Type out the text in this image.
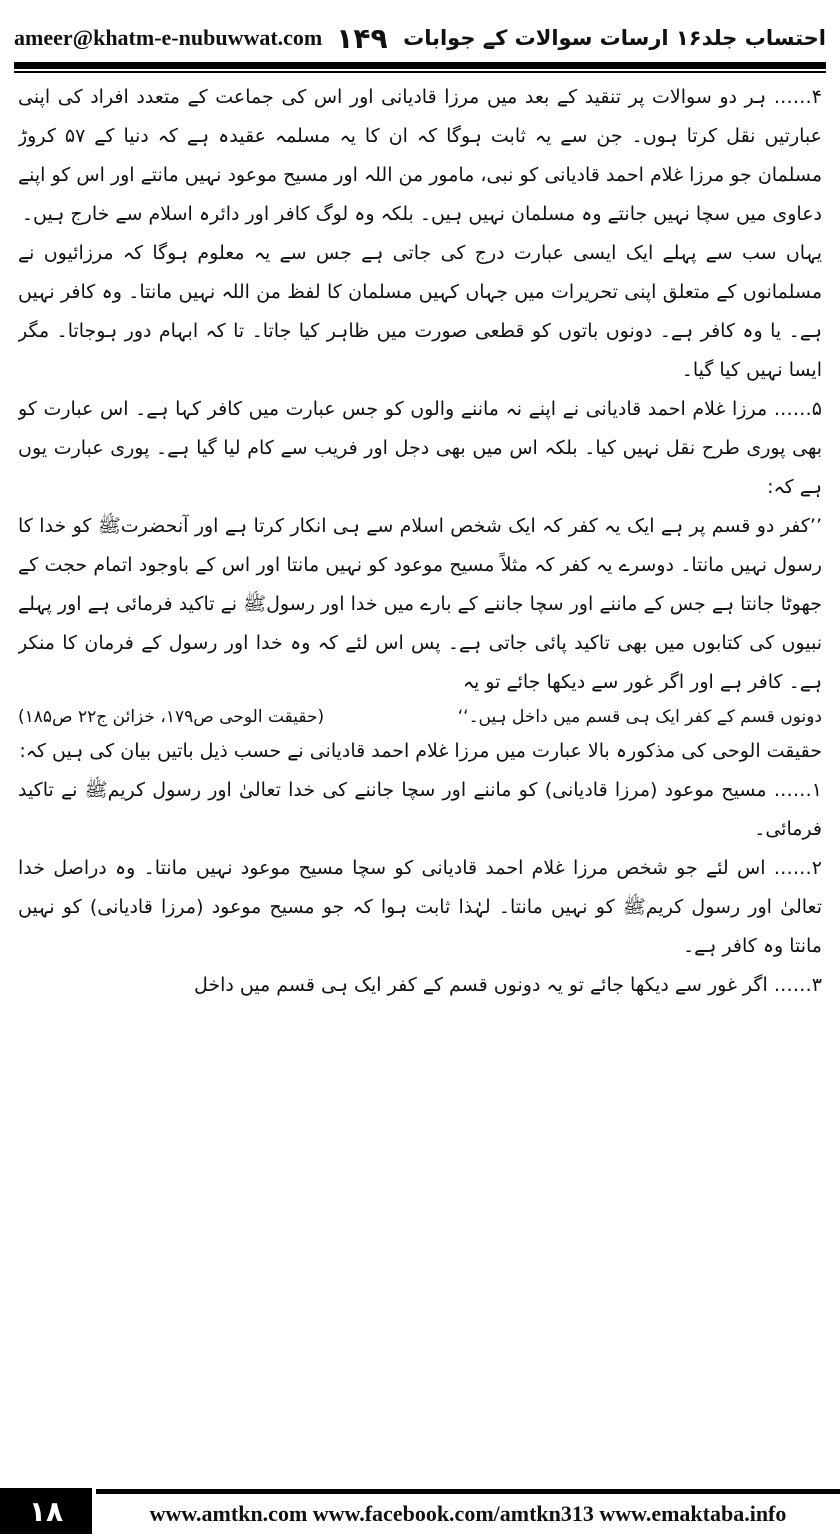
ameer@khatm-e-nubuwwat.com ۱۴۹ احتساب جلد۱۶ ارسات سوالات کے جوابات

۴…… ہر دو سوالات پر تنقید کے بعد میں مرزا قادیانی اور اس کی جماعت کے متعدد افراد کی اپنی عبارتیں نقل کرتا ہوں۔ جن سے یہ ثابت ہوگا کہ ان کا یہ مسلمہ عقیدہ ہے کہ دنیا کے ۵۷ کروڑ مسلمان جو مرزا غلام احمد قادیانی کو نبی، مامور من اللہ اور مسیح موعود نہیں مانتے اور اس کو اپنے دعاوی میں سچا نہیں جانتے وہ مسلمان نہیں ہیں۔ بلکہ وہ لوگ کافر اور دائرہ اسلام سے خارج ہیں۔

یہاں سب سے پہلے ایک ایسی عبارت درج کی جاتی ہے جس سے یہ معلوم ہوگا کہ مرزائیوں نے مسلمانوں کے متعلق اپنی تحریرات میں جہاں کہیں مسلمان کا لفظ من اللہ نہیں مانتا۔ وہ کافر نہیں ہے۔ یا وہ کافر ہے۔ دونوں باتوں کو قطعی صورت میں ظاہر کیا جاتا۔ تا کہ ابہام دور ہوجاتا۔ مگر ایسا نہیں کیا گیا۔

۵…… مرزا غلام احمد قادیانی نے اپنے نہ ماننے والوں کو جس عبارت میں کافر کہا ہے۔ اس عبارت کو بھی پوری طرح نقل نہیں کیا۔ بلکہ اس میں بھی دجل اور فریب سے کام لیا گیا ہے۔ پوری عبارت یوں ہے کہ:

’’کفر دو قسم پر ہے ایک یہ کفر کہ ایک شخص اسلام سے ہی انکار کرتا ہے اور آنحضرتﷺ کو خدا کا رسول نہیں مانتا۔ دوسرے یہ کفر کہ مثلاً مسیح موعود کو نہیں مانتا اور اس کے باوجود اتمام حجت کے جھوٹا جانتا ہے جس کے ماننے اور سچا جاننے کے بارے میں خدا اور رسولﷺ نے تاکید فرمائی ہے اور پہلے نبیوں کی کتابوں میں بھی تاکید پائی جاتی ہے۔ پس اس لئے کہ وہ خدا اور رسول کے فرمان کا منکر ہے۔ کافر ہے اور اگر غور سے دیکھا جائے تو یہ

دونوں قسم کے کفر ایک ہی قسم میں داخل ہیں۔‘‘
(حقیقت الوحی ص۱۷۹، خزائن ج۲۲ ص۱۸۵)

حقیقت الوحی کی مذکورہ بالا عبارت میں مرزا غلام احمد قادیانی نے حسب ذیل باتیں بیان کی ہیں کہ:

۱…… مسیح موعود (مرزا قادیانی) کو ماننے اور سچا جاننے کی خدا تعالیٰ اور رسول کریمﷺ نے تاکید فرمائی۔

۲…… اس لئے جو شخص مرزا غلام احمد قادیانی کو سچا مسیح موعود نہیں مانتا۔ وہ دراصل خدا تعالیٰ اور رسول کریمﷺ کو نہیں مانتا۔ لہٰذا ثابت ہوا کہ جو مسیح موعود (مرزا قادیانی) کو نہیں مانتا وہ کافر ہے۔

۳…… اگر غور سے دیکھا جائے تو یہ دونوں قسم کے کفر ایک ہی قسم میں داخل

۱۸	www.amtkn.com www.facebook.com/amtkn313 www.emaktaba.info
